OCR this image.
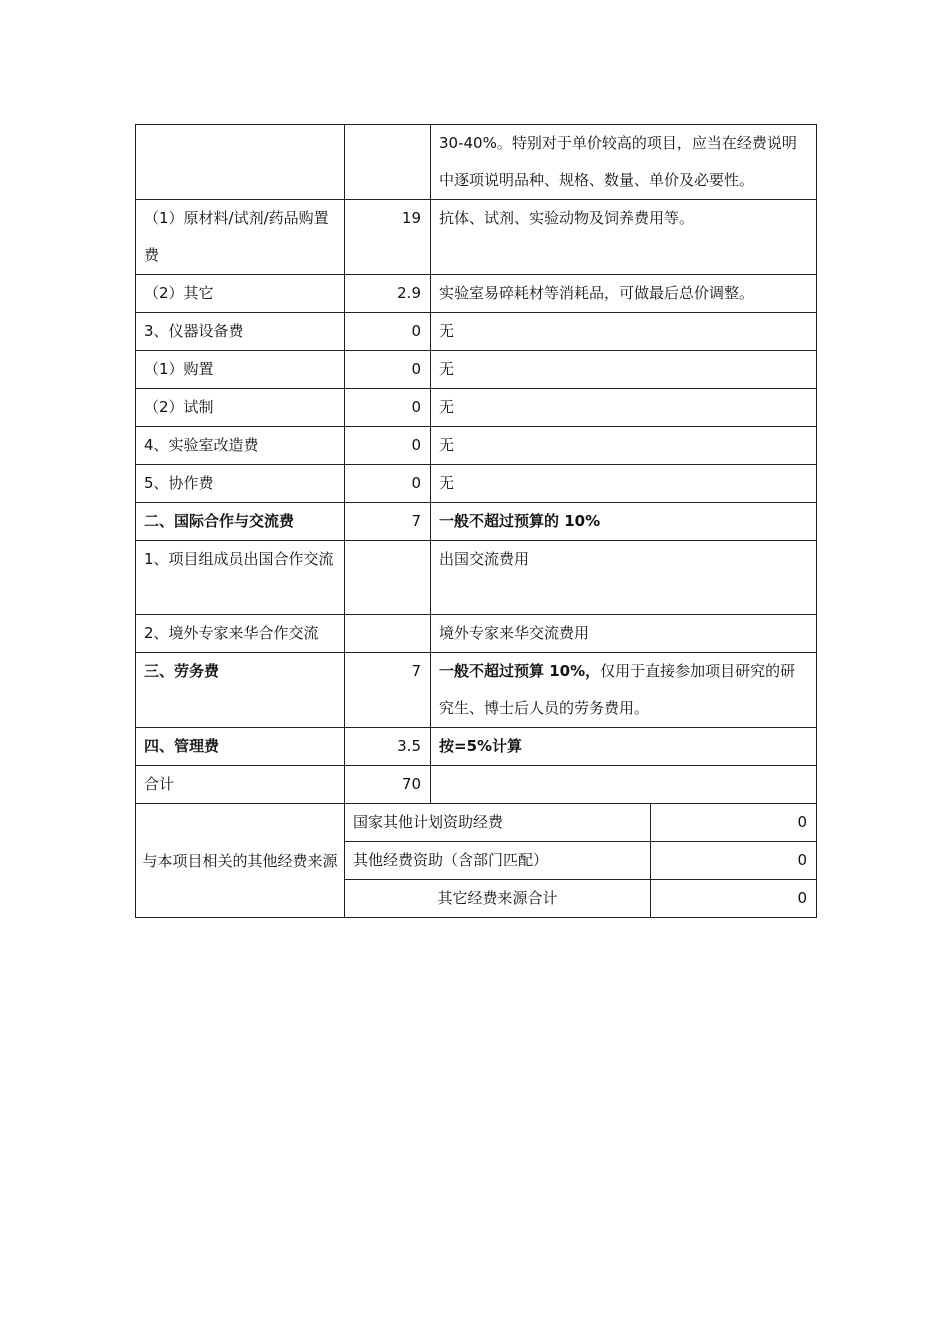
		30-40%。特别对于单价较高的项目，应当在经费说明中逐项说明品种、规格、数量、单价及必要性。	
（1）原材料/试剂/药品购置费	19	抗体、试剂、实验动物及饲养费用等。	
（2）其它	2.9	实验室易碎耗材等消耗品，可做最后总价调整。	
3、仪器设备费	0	无	
（1）购置	0	无	
（2）试制	0	无	
4、实验室改造费	0	无	
5、协作费	0	无	
二、国际合作与交流费	7	一般不超过预算的 10%	
1、项目组成员出国合作交流		出国交流费用	
2、境外专家来华合作交流		境外专家来华交流费用	
三、劳务费	7	一般不超过预算 10%，仅用于直接参加项目研究的研究生、博士后人员的劳务费用。	
四、管理费	3.5	按=5%计算	
合计	70		
与本项目相关的其他经费来源	国家其他计划资助经费		0
	其他经费资助（含部门匹配）		0
	其它经费来源合计		0
